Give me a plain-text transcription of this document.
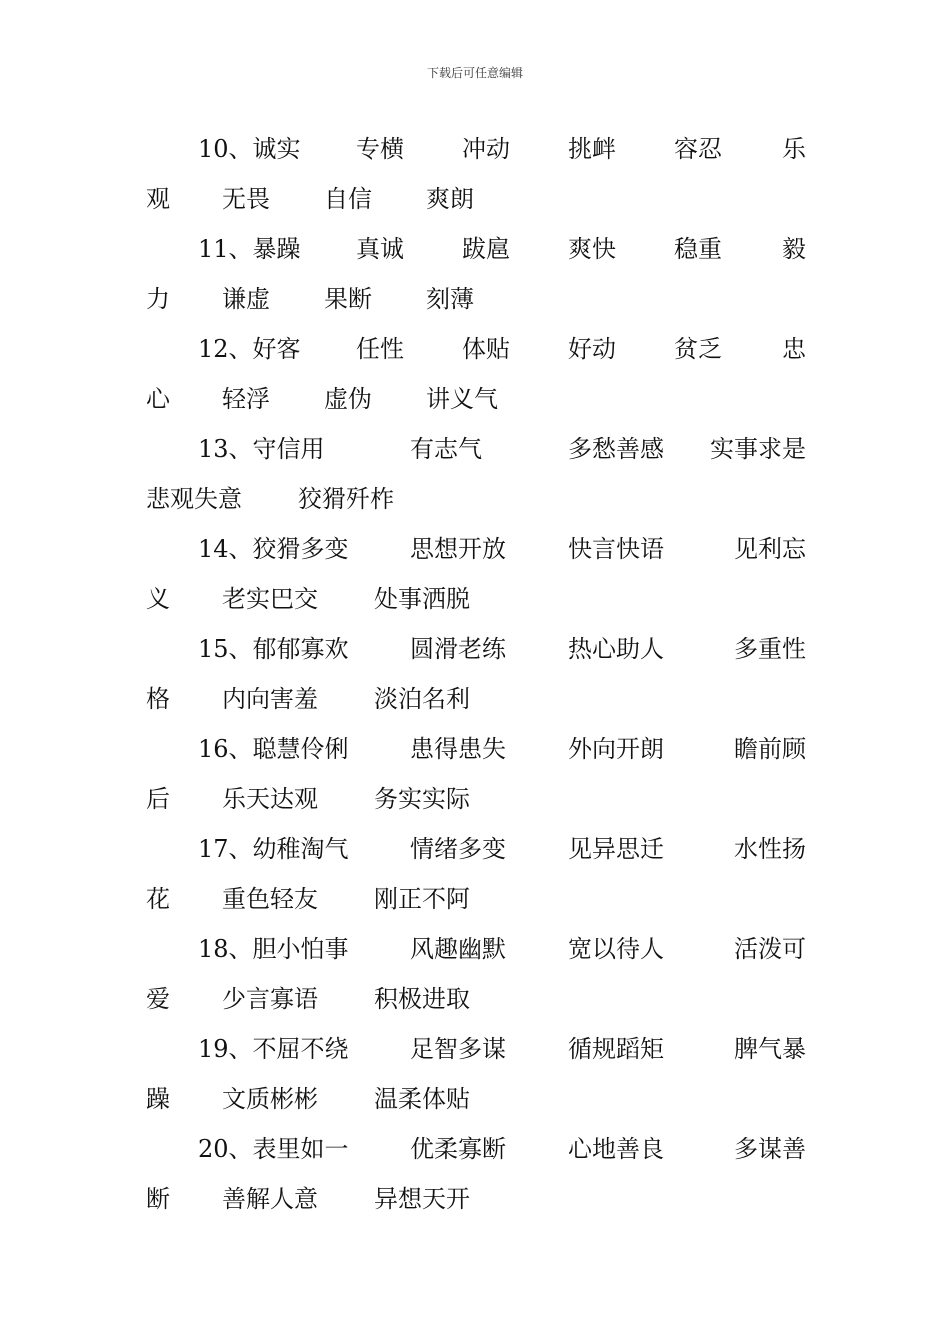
下载后可任意编辑
10、诚实 专横 冲动 挑衅 容忍	乐
观 无畏 自信 爽朗
11、暴躁 真诚 跋扈 爽快 稳重	毅
力 谦虚 果断 刻薄
12、好客 任性 体贴 好动 贫乏	忠
心 轻浮 虚伪 讲义气
13、守信用	有志气	多愁善感 实事求是
悲观失意 狡猾歼柞
14、狡猾多变	思想开放	快言快语	见利忘
义 老实巴交 处事洒脱
15、郁郁寡欢	圆滑老练	热心助人	多重性
格 内向害羞 淡泊名利
16、聪慧伶俐	患得患失	外向开朗	瞻前顾
后 乐天达观 务实实际
17、幼稚淘气	情绪多变	见异思迁	水性扬
花 重色轻友 刚正不阿
18、胆小怕事	风趣幽默	宽以待人	活泼可
爱 少言寡语 积极进取
19、不屈不绕	足智多谋	循规蹈矩	脾气暴
躁 文质彬彬 温柔体贴
20、表里如一	优柔寡断	心地善良	多谋善
断 善解人意 异想天开
